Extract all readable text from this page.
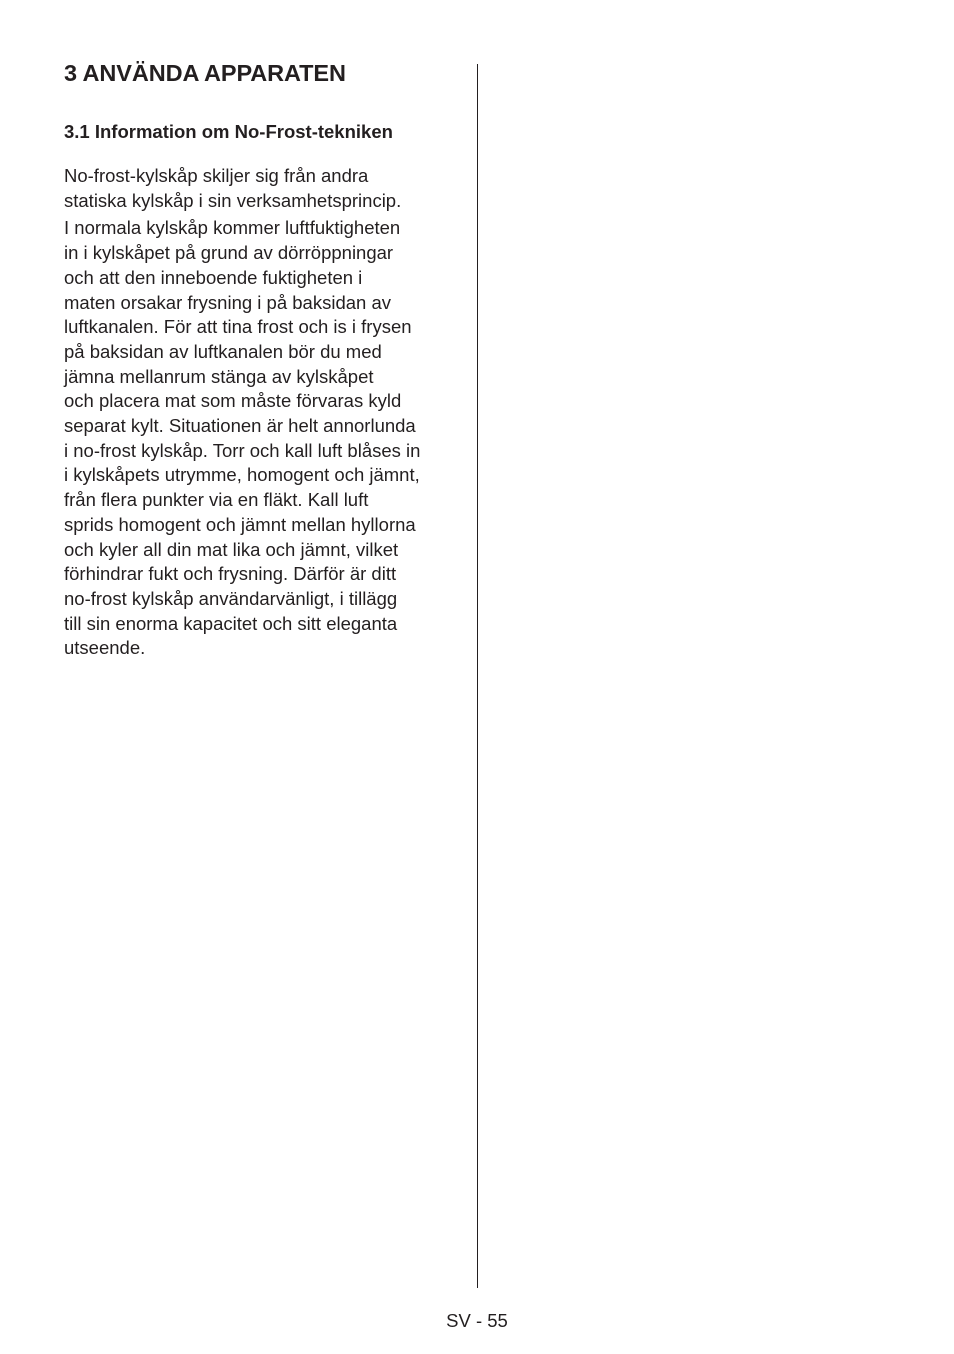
3 ANVÄNDA APPARATEN
3.1 Information om No-Frost-tekniken

No-frost-kylskåp skiljer sig från andra
statiska kylskåp i sin verksamhetsprincip.

I normala kylskåp kommer luftfuktigheten
in i kylskåpet på grund av dörröppningar
och att den inneboende fuktigheten i
maten orsakar frysning i på baksidan av
luftkanalen. För att tina frost och is i frysen
på baksidan av luftkanalen bör du med
jämna mellanrum stänga av kylskåpet
och placera mat som måste förvaras kyld
separat kylt. Situationen är helt annorlunda
i no-frost kylskåp. Torr och kall luft blåses in
i kylskåpets utrymme, homogent och jämnt,
från flera punkter via en fläkt. Kall luft
sprids homogent och jämnt mellan hyllorna
och kyler all din mat lika och jämnt, vilket
förhindrar fukt och frysning. Därför är ditt
no-frost kylskåp användarvänligt, i tillägg
till sin enorma kapacitet och sitt eleganta
utseende.

SV - 55
